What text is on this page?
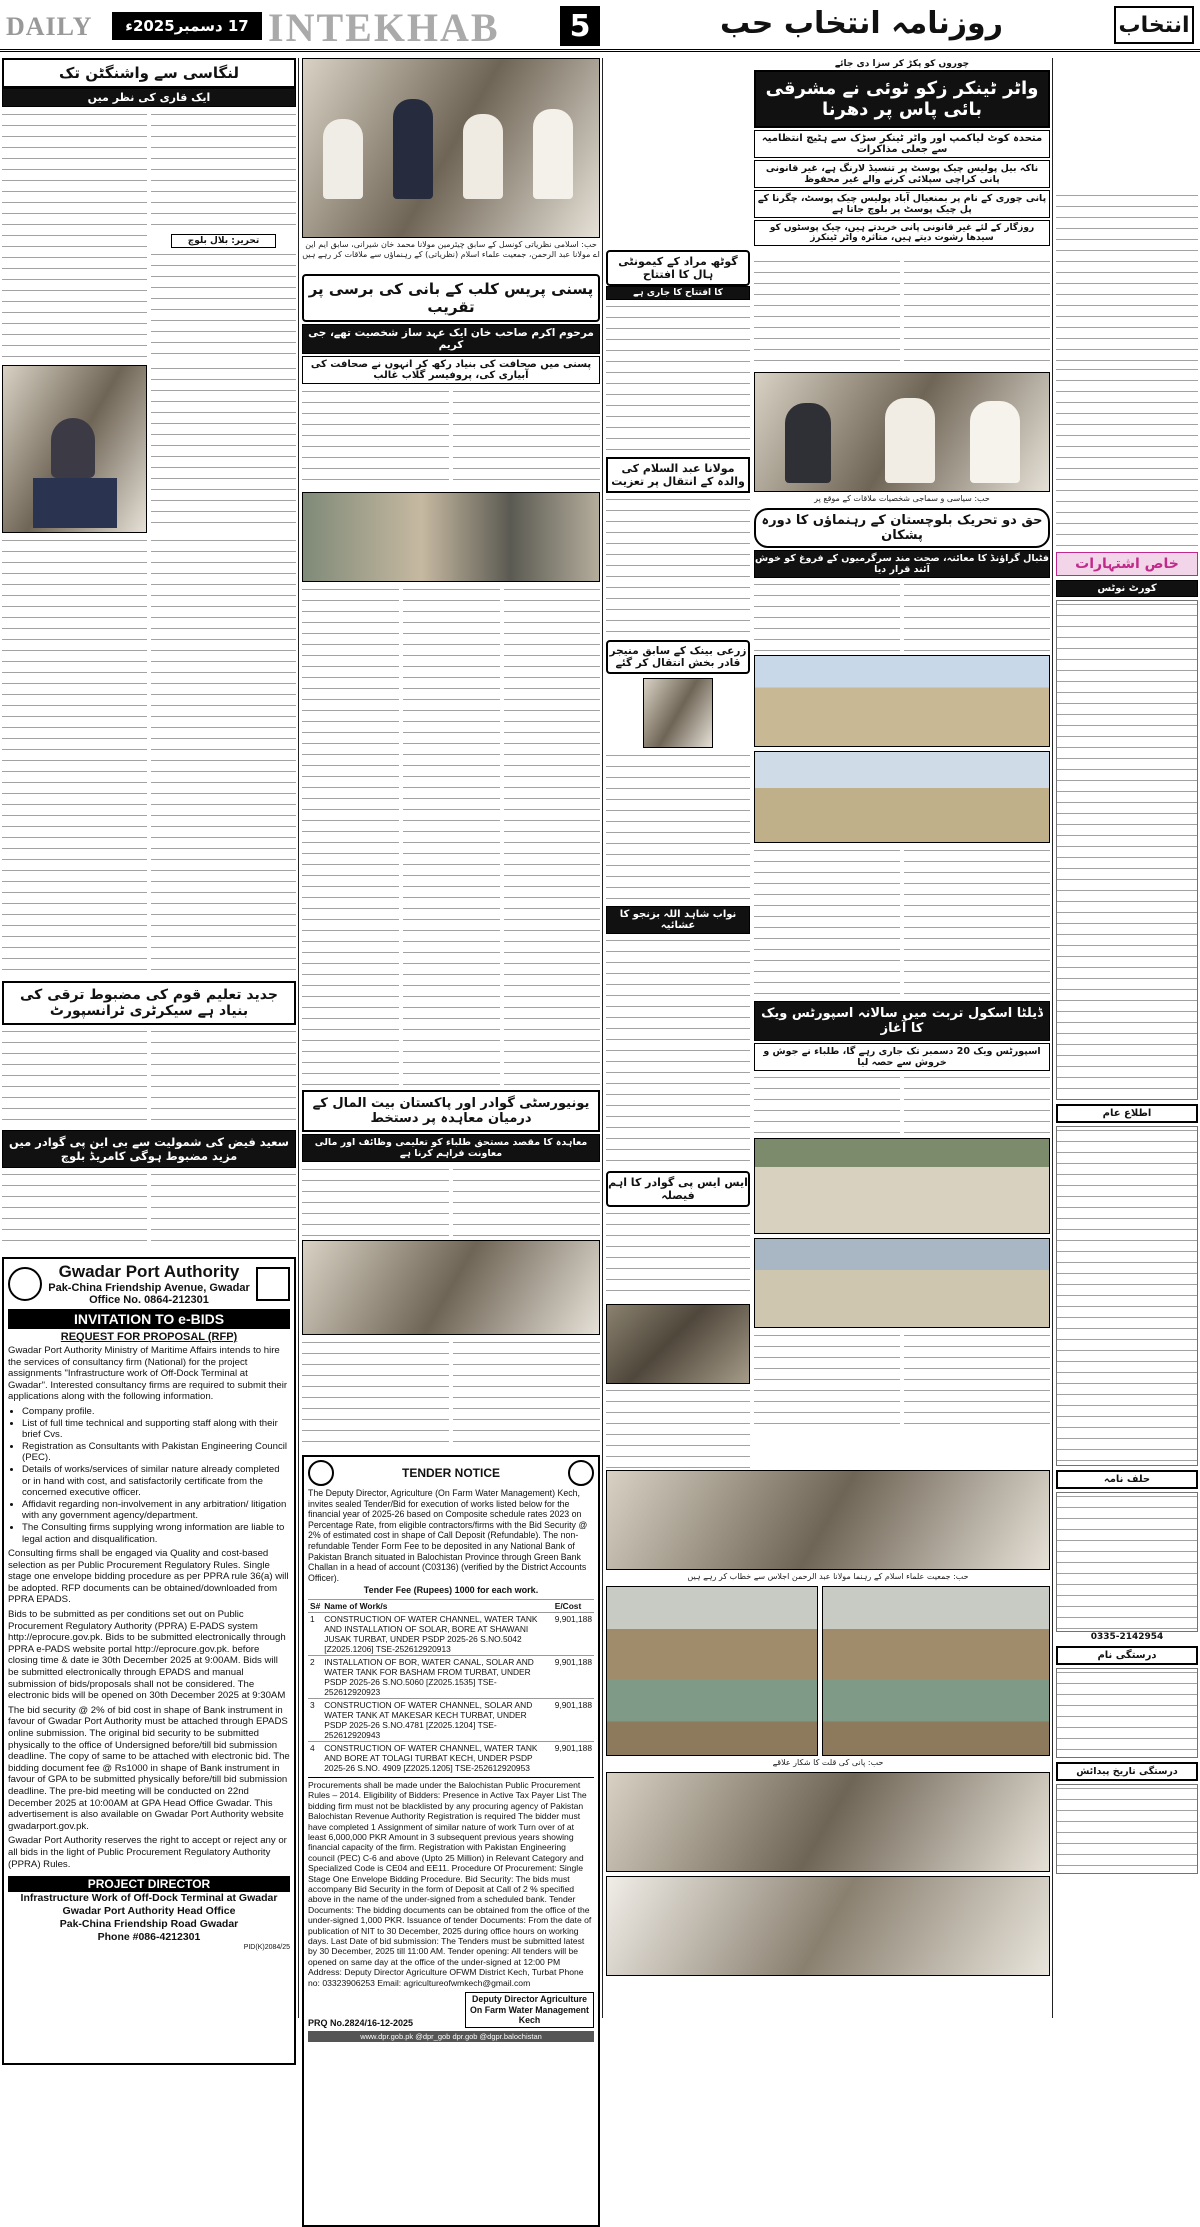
DAILY	17 دسمبر2025ء INTEKHAB	5	روزنامہ انتخاب حب	انتخاب
لنگاسی سے واشنگٹن تک
ایک قاری کی نظر میں
تحریر: بلال بلوچ
جدید تعلیم قوم کی مضبوط ترقی کی بنیاد ہے سیکرٹری ٹرانسپورٹ
سعید فیض کی شمولیت سے بی این پی گوادر میں مزید مضبوط ہوگی کامریڈ بلوچ
Gwadar Port Authority
Pak-China Friendship Avenue, Gwadar
Office No. 0864-212301
INVITATION TO e-BIDS
REQUEST FOR PROPOSAL (RFP)

Gwadar Port Authority Ministry of Maritime Affairs intends to hire the services of consultancy firm (National) for the project assignments "Infrastructure work of Off-Dock Terminal at Gwadar". Interested consultancy firms are required to submit their applications along with the following information.

• Company profile.
• List of full time technical and supporting staff along with their brief Cvs.
• Registration as Consultants with Pakistan Engineering Council (PEC).
• Details of works/services of similar nature already completed or in hand with cost, and satisfactorily certificate from the concerned executive officer.
• Affidavit regarding non-involvement in any arbitration/ litigation with any government agency/department.
• The Consulting firms supplying wrong information are liable to legal action and disqualification.

Consulting firms shall be engaged via Quality and cost-based selection as per Public Procurement Regulatory Rules. Single stage one envelope bidding procedure as per PPRA rule 36(a) will be adopted. RFP documents can be obtained/downloaded from PPRA EPADS.

Bids to be submitted as per conditions set out on Public Procurement Regulatory Authority (PPRA) E-PADS system http://eprocure.gov.pk. Bids to be submitted electronically through PPRA e-PADS website portal http://eprocure.gov.pk. before closing time & date ie 30th December 2025 at 9:00AM. Bids will be submitted electronically through EPADS and manual submission of bids/proposals shall not be considered. The electronic bids will be opened on 30th December 2025 at 9:30AM

The bid security @ 2% of bid cost in shape of Bank instrument in favour of Gwadar Port Authority must be attached through EPADS online submission. The original bid security to be submitted physically to the office of Undersigned before/till bid submission deadline. The copy of same to be attached with electronic bid. The bidding document fee @ Rs1000 in shape of Bank instrument in favour of GPA to be submitted physically before/till bid submission deadline. The pre-bid meeting will be conducted on 22nd December 2025 at 10:00AM at GPA Head Office Gwadar. This advertisement is also available on Gwadar Port Authority website gwadarport.gov.pk.

Gwadar Port Authority reserves the right to accept or reject any or all bids in the light of Public Procurement Regulatory Authority (PPRA) Rules.

PROJECT DIRECTOR
Infrastructure Work of Off-Dock Terminal at Gwadar
Gwadar Port Authority Head Office
Pak-China Friendship Road Gwadar
Phone #086-4212301
PID(K)2084/25
حب: اسلامی نظریاتی کونسل کے سابق چیئرمین مولانا محمد خان شیرانی، سابق ایم این اے مولانا عبد الرحمن، جمعیت علماء اسلام (نظریاتی) کے رہنماؤں سے ملاقات کر رہے ہیں
پسنی پریس کلب کے بانی کی برسی پر تقریب
مرحوم اکرم صاحب خان ایک عہد ساز شخصیت تھے، جی کریم
پسنی میں صحافت کی بنیاد رکھ کر انہوں نے صحافت کی آبیاری کی، پروفیسر گلاب غالب
یونیورسٹی گوادر اور پاکستان بیت المال کے درمیان معاہدہ پر دستخط
معاہدہ کا مقصد مستحق طلباء کو تعلیمی وظائف اور مالی معاونت فراہم کرنا ہے
TENDER NOTICE

The Deputy Director, Agriculture (On Farm Water Management) Kech, invites sealed Tender/Bid for execution of works listed below for the financial year of 2025-26 based on Composite schedule rates 2023 on Percentage Rate, from eligible contractors/firms with the Bid Security @ 2% of estimated cost in shape of Call Deposit (Refundable). The non-refundable Tender Form Fee to be deposited in any National Bank of Pakistan Branch situated in Balochistan Province through Green Bank Challan in a head of account (C03136) (verified by the District Accounts Officer).

Tender Fee (Rupees) 1000 for each work.

S#	Name of Work/s	E/Cost
1	CONSTRUCTION OF WATER CHANNEL, WATER TANK AND INSTALLATION OF SOLAR, BORE AT SHAWANI JUSAK TURBAT, UNDER PSDP 2025-26 S.NO.5042 [Z2025.1206] TSE-252612920913	9,901,188
2	INSTALLATION OF BOR, WATER CANAL, SOLAR AND WATER TANK FOR BASHAM FROM TURBAT, UNDER PSDP 2025-26 S.NO.5060 [Z2025.1535] TSE-252612920923	9,901,188
3	CONSTRUCTION OF WATER CHANNEL, SOLAR AND WATER TANK AT MAKESAR KECH TURBAT, UNDER PSDP 2025-26 S.NO.4781 [Z2025.1204] TSE-252612920943	9,901,188
4	CONSTRUCTION OF WATER CHANNEL, WATER TANK AND BORE AT TOLAGI TURBAT KECH, UNDER PSDP 2025-26 S.NO. 4909 [Z2025.1205] TSE-252612920953	9,901,188

Procurements shall be made under the Balochistan Public Procurement Rules – 2014. Eligibility of Bidders: Presence in Active Tax Payer List The bidding firm must not be blacklisted by any procuring agency of Pakistan Balochistan Revenue Authority Registration is required The bidder must have completed 1 Assignment of similar nature of work Turn over of at least 6,000,000 PKR Amount in 3 subsequent previous years showing financial capacity of the firm. Registration with Pakistan Engineering council (PEC) C-6 and above (Upto 25 Million) in Relevant Category and Specialized Code is CE04 and EE11. Procedure Of Procurement: Single Stage One Envelope Bidding Procedure. Bid Security: The bids must accompany Bid Security in the form of Deposit at Call of 2 % specified above in the name of the under-signed from a scheduled bank. Tender Documents: The bidding documents can be obtained from the office of the under-signed 1,000 PKR. Issuance of tender Documents: From the date of publication of NIT to 30 December, 2025 during office hours on working days. Last Date of bid submission: The Tenders must be submitted latest by 30 December, 2025 till 11:00 AM. Tender opening: All tenders will be opened on same day at the office of the under-signed at 12:00 PM Address: Deputy Director Agriculture OFWM District Kech, Turbat Phone no: 03323906253 Email: agricultureofwmkech@gmail.com

PRQ No.2824/16-12-2025
Deputy Director Agriculture
On Farm Water Management
Kech
www.dpr.gob.pk @dpr_gob dpr.gob @dgpr.balochistan
گوٹھ مراد کے کیمونٹی ہال کا افتتاح
کا افتتاح کا جاری ہے
مولانا عبد السلام کی والدہ کے انتقال پر تعزیت
زرعی بینک کے سابق منیجر قادر بخش انتقال کر گئے
نواب شاہد اللہ بزنجو کا عشائیہ
ایس ایس پی گوادر کا اہم فیصلہ
چوروں کو پکڑ کر سزا دی جائے
واٹر ٹینکر زکو ٹوئی نے مشرقی بائی پاس پر دھرنا
متحدہ کوٹ لیاکمپ اور واٹر ٹینکر سڑک سے ہٹیچ انتظامیہ سے جعلی مذاکرات
ناکہ بیل پولیس چیک پوسٹ پر تنسیڈ لارنگ ہے، غیر قانونی پانی کراچی سپلائی کرنے والے غیر محفوظ
پانی چوری کے نام پر بمنعیال آباد پولیس چیک پوسٹ، چگرنا کے پل چیک پوسٹ پر بلوچ جاتا ہے
روزگار کے لئے غیر قانونی پانی خریدتے ہیں، چیک پوسٹوں کو سیدھا رشوت دیتے ہیں، متاثرہ واٹر ٹینکرز
حب: سیاسی و سماجی شخصیات ملاقات کے موقع پر
حق دو تحریک بلوچستان کے رہنماؤں کا دورہ پشکان
فٹبال گراؤنڈ کا معائنہ، صحت مند سرگرمیوں کے فروغ کو خوش آئند قرار دیا
ڈیلٹا اسکول تربت میں سالانہ اسپورٹس ویک کا آغاز
اسپورٹس ویک 20 دسمبر تک جاری رہے گا، طلباء نے جوش و خروش سے حصہ لیا
حب: جمعیت علماء اسلام کے رہنما مولانا عبد الرحمن اجلاس سے خطاب کر رہے ہیں
حب: پانی کی قلت کا شکار علاقے
خاص اشتہارات
کورٹ نوٹس
اطلاع عام
حلف نامہ
0335-2142954
درستگی نام
درستگی تاریخ پیدائش
